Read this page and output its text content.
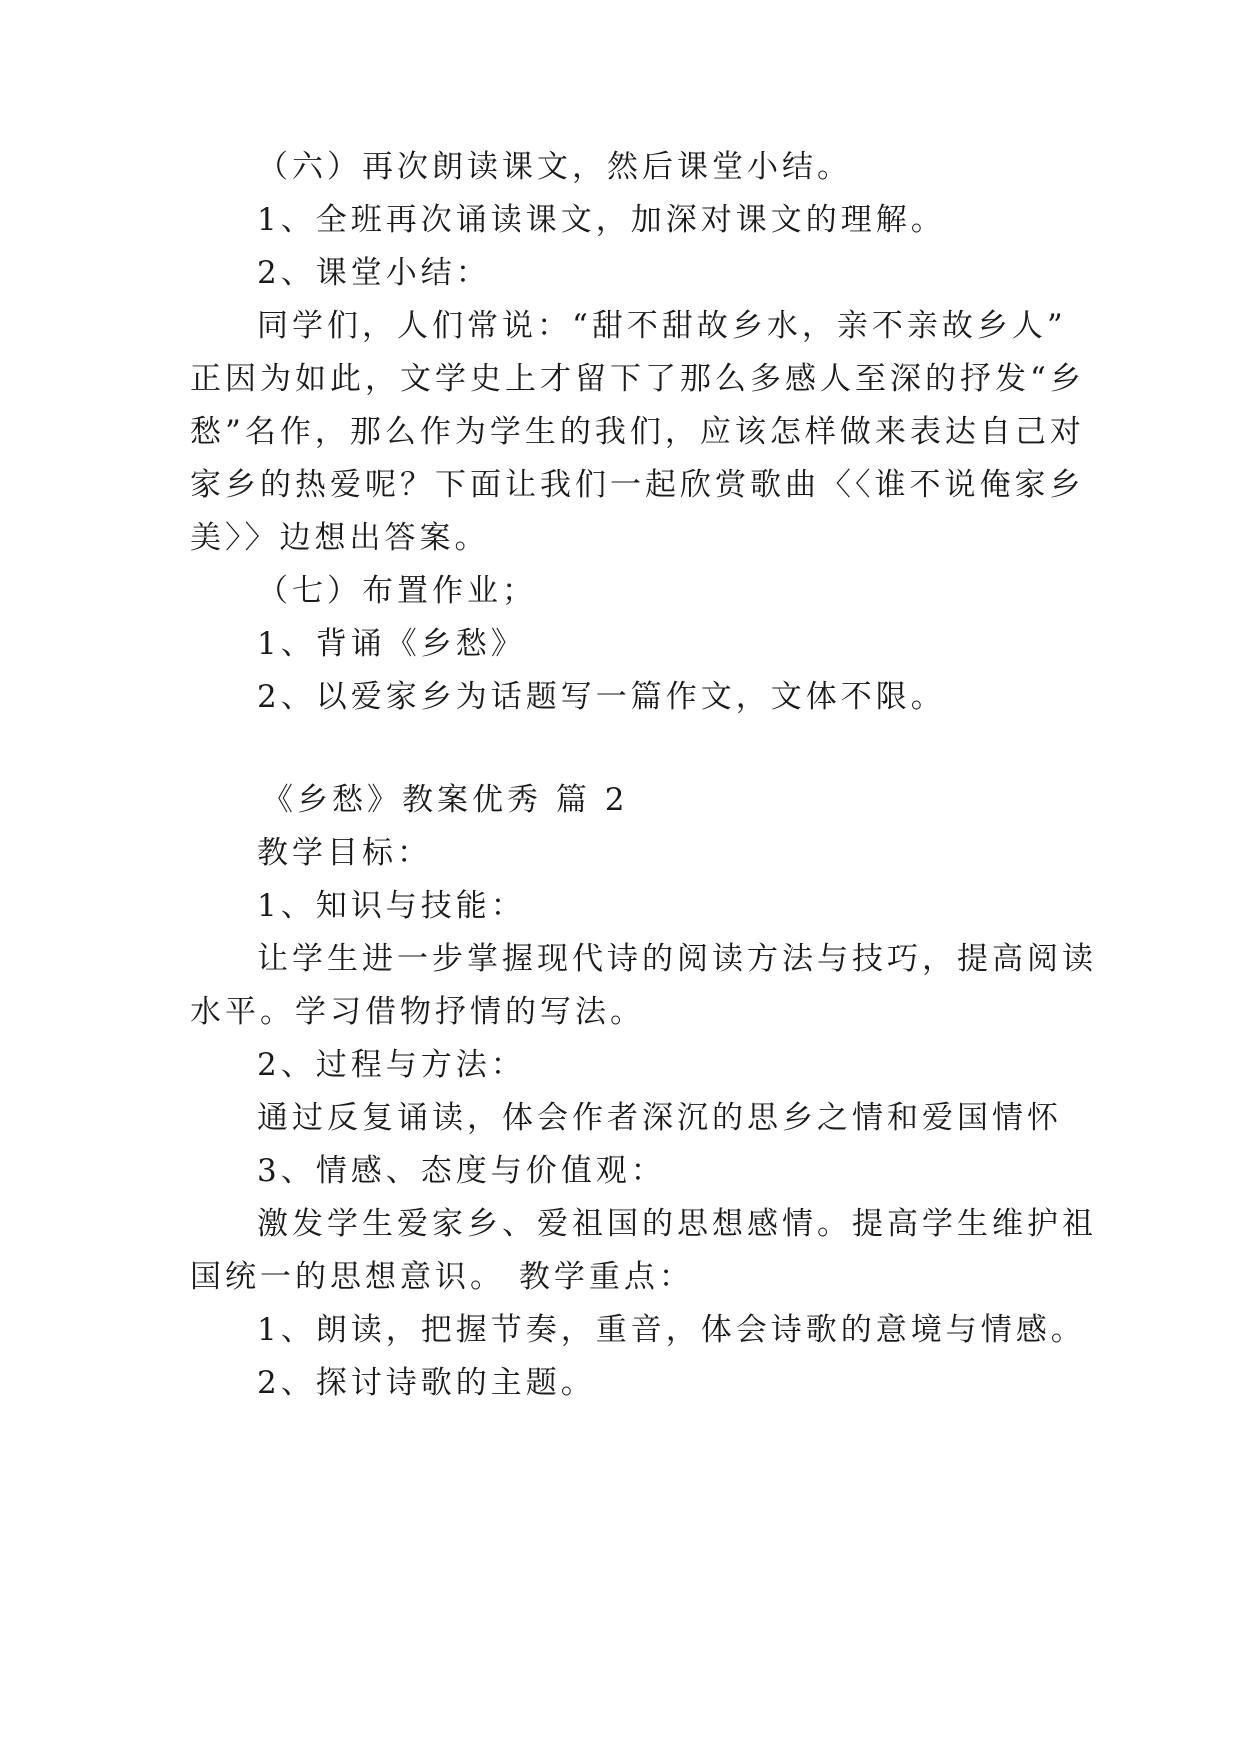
（六）再次朗读课文，然后课堂小结。
1、全班再次诵读课文，加深对课文的理解。
2、课堂小结：
同学们，人们常说：“甜不甜故乡水，亲不亲故乡人”
正因为如此，文学史上才留下了那么多感人至深的抒发“乡
愁”名作，那么作为学生的我们，应该怎样做来表达自己对
家乡的热爱呢？下面让我们一起欣赏歌曲〈〈谁不说俺家乡
美〉〉边想出答案。
（七）布置作业；
1、背诵《乡愁》
2、以爱家乡为话题写一篇作文，文体不限。
《乡愁》教案优秀 篇 2
教学目标：
1、知识与技能：
让学生进一步掌握现代诗的阅读方法与技巧，提高阅读
水平。学习借物抒情的写法。
2、过程与方法：
通过反复诵读，体会作者深沉的思乡之情和爱国情怀
3、情感、态度与价值观：
激发学生爱家乡、爱祖国的思想感情。提高学生维护祖
国统一的思想意识。 教学重点：
1、朗读，把握节奏，重音，体会诗歌的意境与情感。
2、探讨诗歌的主题。
